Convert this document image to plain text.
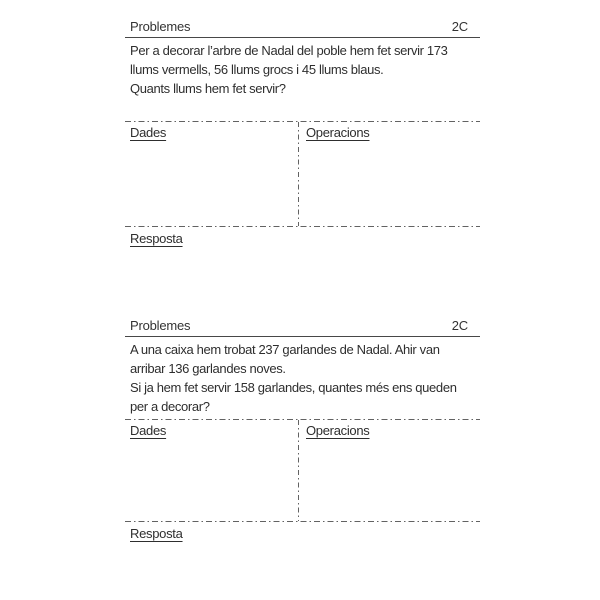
Problemes	2C
Per a decorar l’arbre de Nadal del poble hem fet servir 173
llums vermells, 56 llums grocs i 45 llums blaus.
Quants llums hem fet servir?
Dades	Operacions
Resposta
Problemes	2C
A una caixa hem trobat 237 garlandes de Nadal. Ahir van
arribar 136 garlandes noves.
Si ja hem fet servir 158 garlandes, quantes més ens queden
per a decorar?
Dades	Operacions
Resposta
